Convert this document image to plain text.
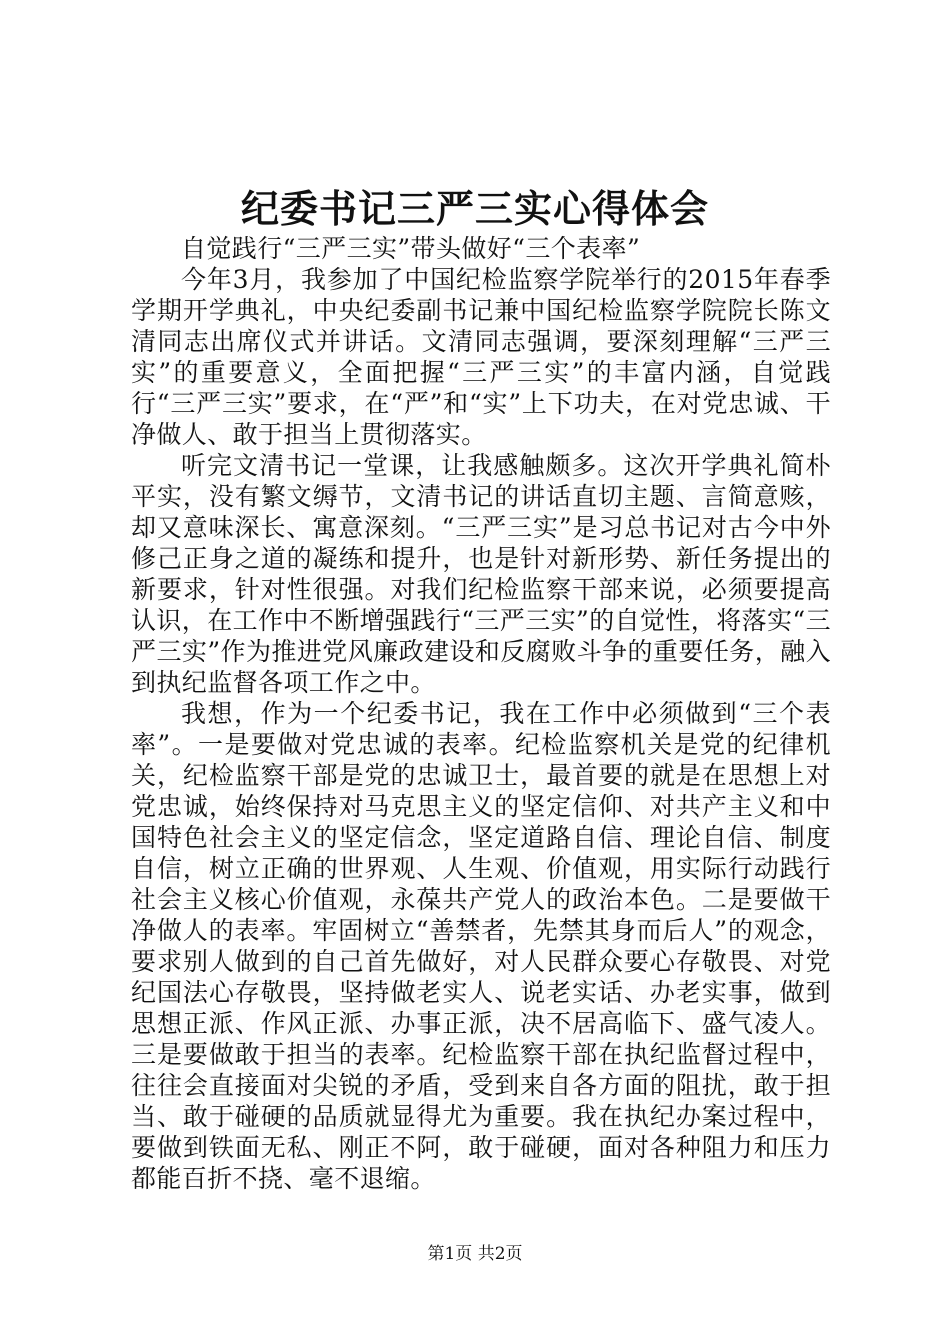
纪委书记三严三实心得体会

自觉践行“三严三实”带头做好“三个表率”

今年3月，我参加了中国纪检监察学院举行的2015年春季学期开学典礼，中央纪委副书记兼中国纪检监察学院院长陈文清同志出席仪式并讲话。文清同志强调，要深刻理解“三严三实”的重要意义，全面把握“三严三实”的丰富内涵，自觉践行“三严三实”要求，在“严”和“实”上下功夫，在对党忠诚、干净做人、敢于担当上贯彻落实。

听完文清书记一堂课，让我感触颇多。这次开学典礼简朴平实，没有繁文缛节，文清书记的讲话直切主题、言简意赅，却又意味深长、寓意深刻。“三严三实”是习总书记对古今中外修己正身之道的凝练和提升，也是针对新形势、新任务提出的新要求，针对性很强。对我们纪检监察干部来说，必须要提高认识，在工作中不断增强践行“三严三实”的自觉性，将落实“三严三实”作为推进党风廉政建设和反腐败斗争的重要任务，融入到执纪监督各项工作之中。

我想，作为一个纪委书记，我在工作中必须做到“三个表率”。一是要做对党忠诚的表率。纪检监察机关是党的纪律机关，纪检监察干部是党的忠诚卫士，最首要的就是在思想上对党忠诚，始终保持对马克思主义的坚定信仰、对共产主义和中国特色社会主义的坚定信念，坚定道路自信、理论自信、制度自信，树立正确的世界观、人生观、价值观，用实际行动践行社会主义核心价值观，永葆共产党人的政治本色。二是要做干净做人的表率。牢固树立“善禁者，先禁其身而后人”的观念，要求别人做到的自己首先做好，对人民群众要心存敬畏、对党纪国法心存敬畏，坚持做老实人、说老实话、办老实事，做到思想正派、作风正派、办事正派，决不居高临下、盛气凌人。三是要做敢于担当的表率。纪检监察干部在执纪监督过程中，往往会直接面对尖锐的矛盾，受到来自各方面的阻扰，敢于担当、敢于碰硬的品质就显得尤为重要。我在执纪办案过程中，要做到铁面无私、刚正不阿，敢于碰硬，面对各种阻力和压力都能百折不挠、毫不退缩。

第1页 共2页
